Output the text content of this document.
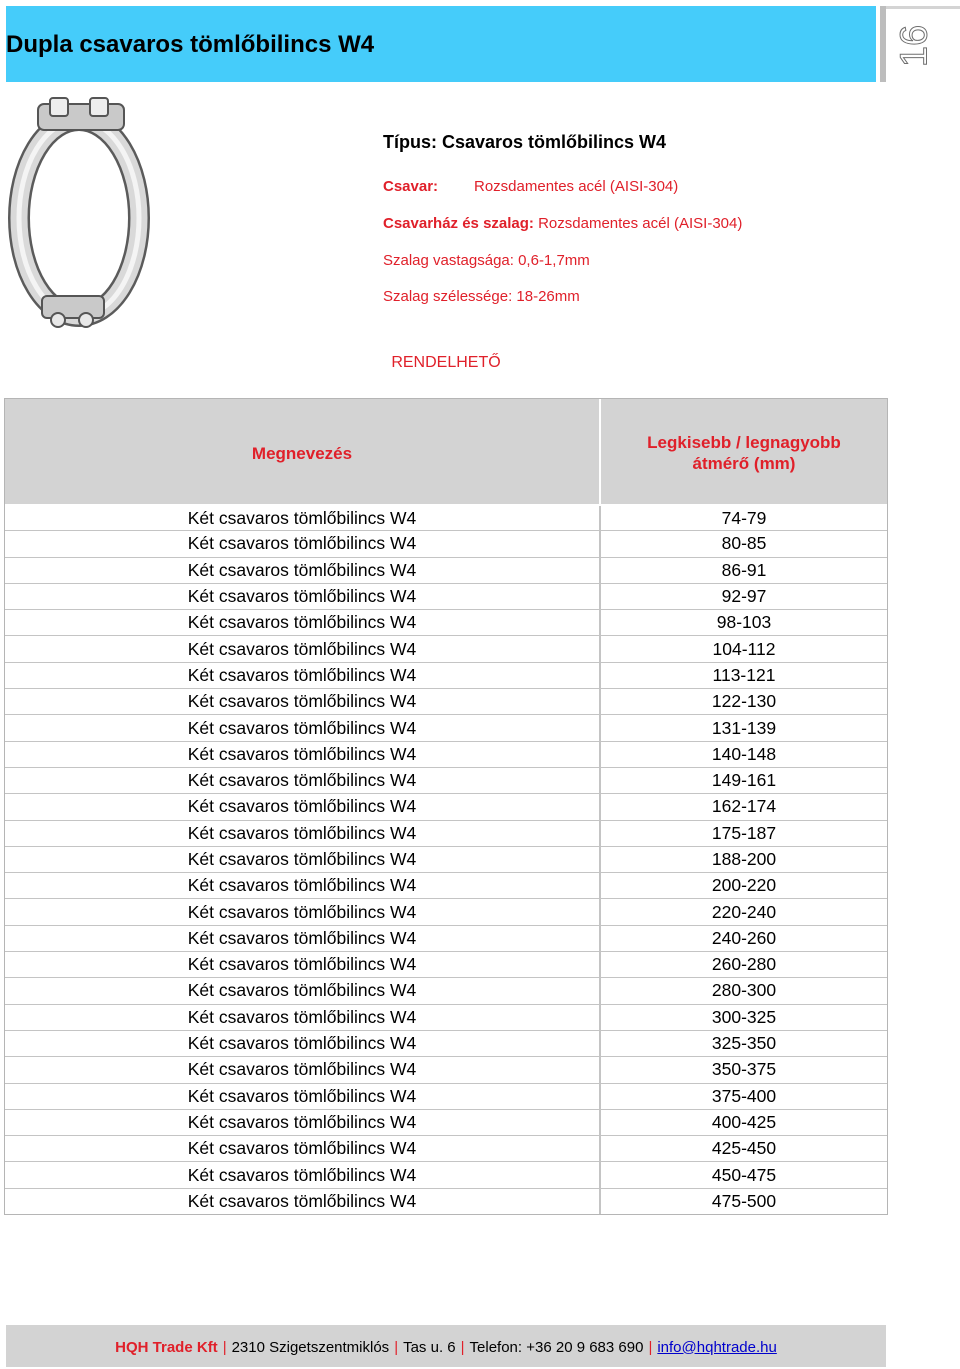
Dupla csavaros tömlőbilincs W4	16
Típus: Csavaros tömlőbilincs W4
Csavar: Rozsdamentes acél (AISI-304)
Csavarház és szalag: Rozsdamentes acél (AISI-304)
Szalag vastagsága: 0,6-1,7mm
Szalag szélessége: 18-26mm
RENDELHETŐ
Megnevezés
Legkisebb / legnagyobb
átmérő (mm)
Két csavaros tömlőbilincs W4	74-79
Két csavaros tömlőbilincs W4	80-85
Két csavaros tömlőbilincs W4	86-91
Két csavaros tömlőbilincs W4	92-97
Két csavaros tömlőbilincs W4	98-103
Két csavaros tömlőbilincs W4	104-112
Két csavaros tömlőbilincs W4	113-121
Két csavaros tömlőbilincs W4	122-130
Két csavaros tömlőbilincs W4	131-139
Két csavaros tömlőbilincs W4	140-148
Két csavaros tömlőbilincs W4	149-161
Két csavaros tömlőbilincs W4	162-174
Két csavaros tömlőbilincs W4	175-187
Két csavaros tömlőbilincs W4	188-200
Két csavaros tömlőbilincs W4	200-220
Két csavaros tömlőbilincs W4	220-240
Két csavaros tömlőbilincs W4	240-260
Két csavaros tömlőbilincs W4	260-280
Két csavaros tömlőbilincs W4	280-300
Két csavaros tömlőbilincs W4	300-325
Két csavaros tömlőbilincs W4	325-350
Két csavaros tömlőbilincs W4	350-375
Két csavaros tömlőbilincs W4	375-400
Két csavaros tömlőbilincs W4	400-425
Két csavaros tömlőbilincs W4	425-450
Két csavaros tömlőbilincs W4	450-475
Két csavaros tömlőbilincs W4	475-500
HQH Trade Kft | 2310 Szigetszentmiklós | Tas u. 6 | Telefon: +36 20 9 683 690 | info@hqhtrade.hu
